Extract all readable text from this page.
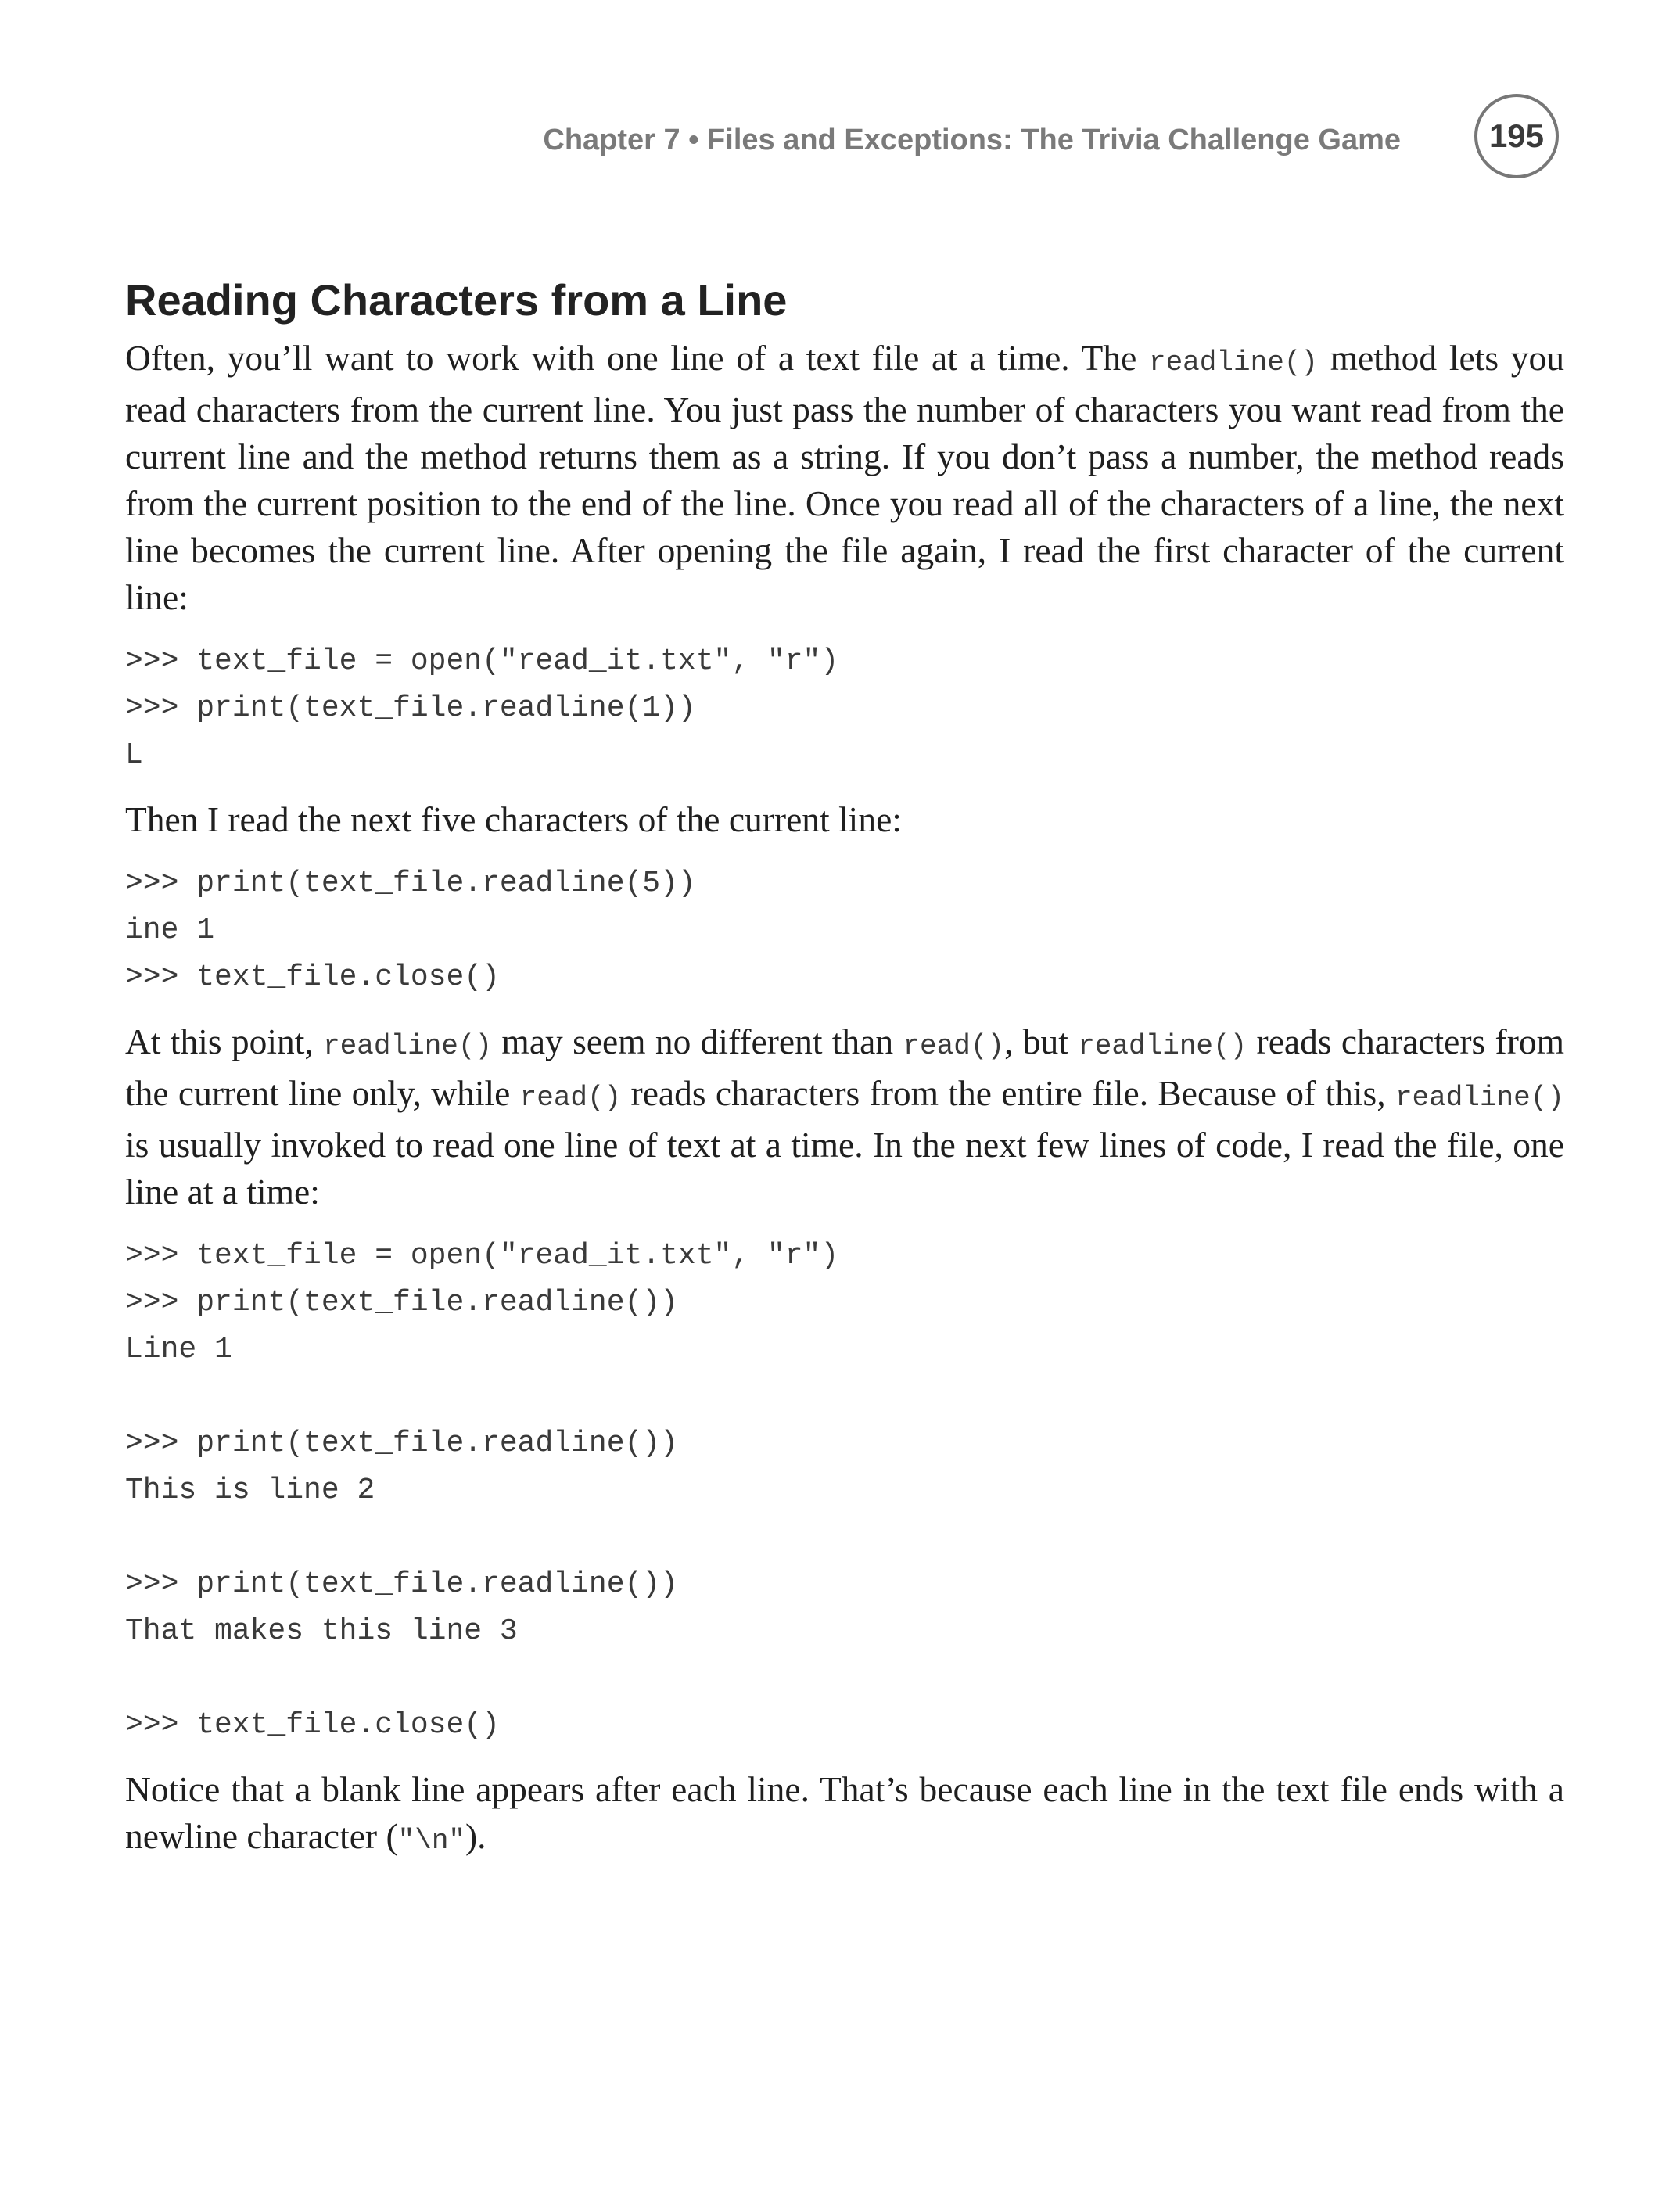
Chapter 7 • Files and Exceptions: The Trivia Challenge Game	195
Reading Characters from a Line

Often, you’ll want to work with one line of a text file at a time. The readline() method lets you read characters from the current line. You just pass the number of characters you want read from the current line and the method returns them as a string. If you don’t pass a number, the method reads from the current position to the end of the line. Once you read all of the characters of a line, the next line becomes the current line. After opening the file again, I read the first character of the current line:

>>> text_file = open("read_it.txt", "r")
>>> print(text_file.readline(1))
L

Then I read the next five characters of the current line:

>>> print(text_file.readline(5))
ine 1
>>> text_file.close()

At this point, readline() may seem no different than read(), but readline() reads characters from the current line only, while read() reads characters from the entire file. Because of this, readline() is usually invoked to read one line of text at a time. In the next few lines of code, I read the file, one line at a time:

>>> text_file = open("read_it.txt", "r")
>>> print(text_file.readline())
Line 1

>>> print(text_file.readline())
This is line 2

>>> print(text_file.readline())
That makes this line 3

>>> text_file.close()

Notice that a blank line appears after each line. That’s because each line in the text file ends with a newline character ("\n").
